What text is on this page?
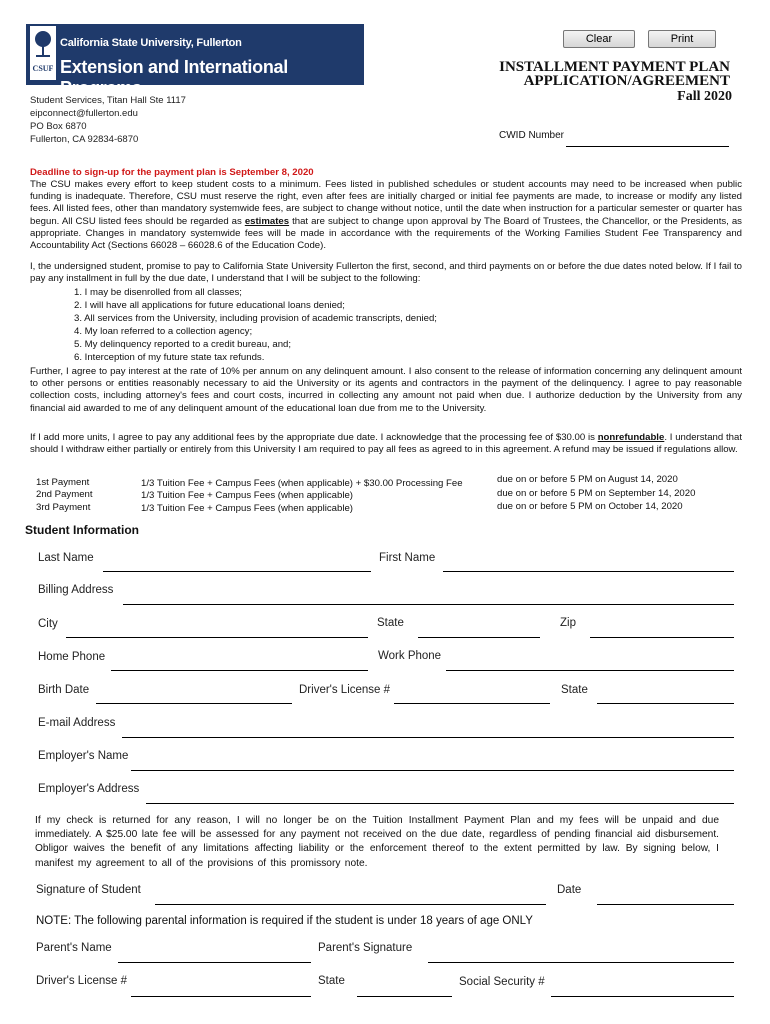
CSUF
California State University, Fullerton
Extension and International Programs
Clear	Print
INSTALLMENT PAYMENT PLAN
APPLICATION/AGREEMENT
Fall 2020
Student Services, Titan Hall Ste 1117
eipconnect@fullerton.edu
PO Box 6870
Fullerton, CA 92834-6870	CWID Number
Deadline to sign-up for the payment plan is September 8, 2020
The CSU makes every effort to keep student costs to a minimum. Fees listed in published schedules or student accounts may need to be increased when public funding is inadequate. Therefore, CSU must reserve the right, even after fees are initially charged or initial fee payments are made, to increase or modify any listed fees. All listed fees, other than mandatory systemwide fees, are subject to change without notice, until the date when instruction for a particular semester or quarter has begun. All CSU listed fees should be regarded as estimates that are subject to change upon approval by The Board of Trustees, the Chancellor, or the Presidents, as appropriate. Changes in mandatory systemwide fees will be made in accordance with the requirements of the Working Families Student Fee Transparency and Accountability Act (Sections 66028 – 66028.6 of the Education Code).
I, the undersigned student, promise to pay to California State University Fullerton the first, second, and third payments on or before the due dates noted below. If I fail to pay any installment in full by the due date, I understand that I will be subject to the following:
1. I may be disenrolled from all classes;
2. I will have all applications for future educational loans denied;
3. All services from the University, including provision of academic transcripts, denied;
4. My loan referred to a collection agency;
5. My delinquency reported to a credit bureau, and;
6. Interception of my future state tax refunds.
Further, I agree to pay interest at the rate of 10% per annum on any delinquent amount. I also consent to the release of information concerning any delinquent amount to other persons or entities reasonably necessary to aid the University or its agents and contractors in the payment of the delinquency. I agree to pay reasonable collection costs, including attorney's fees and court costs, incurred in collecting any amount not paid when due. I authorize deduction by the University from any financial aid awarded to me of any delinquent amount of the educational loan due from me to the University.
If I add more units, I agree to pay any additional fees by the appropriate due date. I acknowledge that the processing fee of $30.00 is nonrefundable. I understand that should I withdraw either partially or entirely from this University I am required to pay all fees as agreed to in this agreement. A refund may be issued if regulations allow.
1st Payment	1/3 Tuition Fee + Campus Fees (when applicable) + $30.00 Processing Fee	due on or before 5 PM on August 14, 2020
2nd Payment	1/3 Tuition Fee + Campus Fees (when applicable)	due on or before 5 PM on September 14, 2020
3rd Payment	1/3 Tuition Fee + Campus Fees (when applicable)	due on or before 5 PM on October 14, 2020
Student Information
Last Name	First Name
Billing Address
City	State	Zip
Home Phone	Work Phone
Birth Date	Driver's License #	State
E-mail Address
Employer's Name
Employer's Address
If my check is returned for any reason, I will no longer be on the Tuition Installment Payment Plan and my fees will be unpaid and due immediately. A $25.00 late fee will be assessed for any payment not received on the due date, regardless of pending financial aid disbursement. Obligor waives the benefit of any limitations affecting liability or the enforcement thereof to the extent permitted by law. By signing below, I manifest my agreement to all of the provisions of this promissory note.
Signature of Student	Date
NOTE: The following parental information is required if the student is under 18 years of age ONLY
Parent's Name	Parent's Signature
Driver's License #	State	Social Security #
